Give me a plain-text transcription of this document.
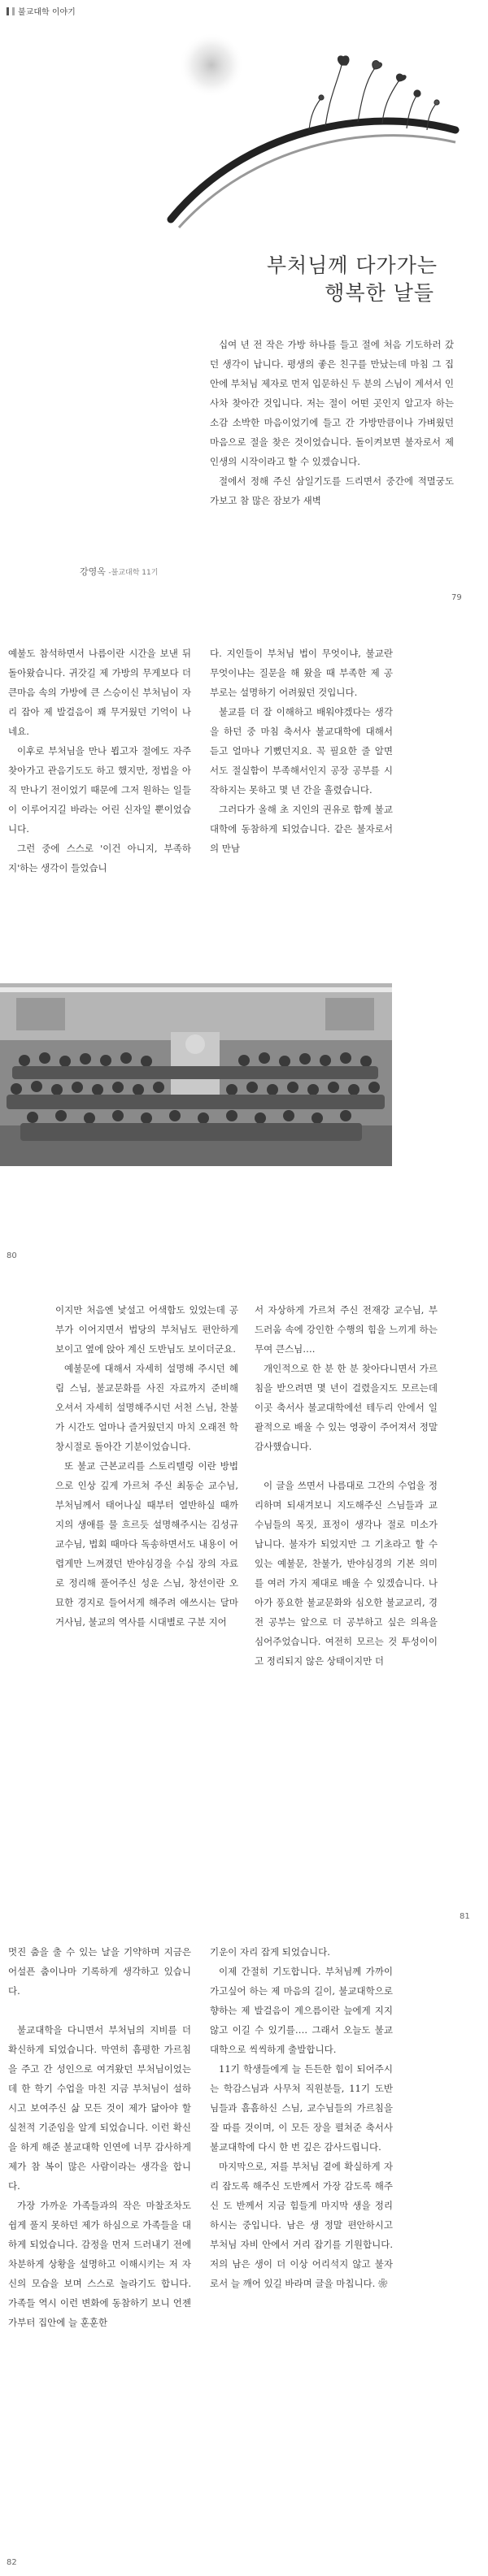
불교대학 이야기
부처님께 다가가는
행복한 날들

십여 년 전 작은 가방 하나를 들고 절에 처음 기도하러 갔던 생각이 납니다. 평생의 좋은 친구를 만났는데 마침 그 집안에 부처님 제자로 먼저 입문하신 두 분의 스님이 계셔서 인사차 찾아간 것입니다. 저는 절이 어떤 곳인지 알고자 하는 소감 소박한 마음이었기에 들고 간 가방만큼이나 가벼웠던 마음으로 절을 찾은 것이었습니다. 돌이켜보면 불자로서 제 인생의 시작이라고 할 수 있겠습니다.

절에서 정해 주신 삼일기도를 드리면서 중간에 적멸궁도 가보고 참 많은 잠보가 새벽

강영옥 -불교대학 11기
79

예불도 참석하면서 나름이란 시간을 보낸 뒤 돌아왔습니다. 귀갓길 제 가방의 무게보다 더 큰마음 속의 가방에 큰 스승이신 부처님이 자리 잡아 제 발걸음이 꽤 무거웠던 기억이 나네요.

이후로 부처님을 만나 뵙고자 절에도 자주 찾아가고 관음기도도 하고 했지만, 정법을 아직 만나기 전이었기 때문에 그저 원하는 일들이 이루어지길 바라는 어린 신자일 뿐이었습니다.

그런 중에 스스로 '이건 아니지, 부족하지'하는 생각이 들었습니

다. 지인들이 부처님 법이 무엇이냐, 불교란 무엇이냐는 질문을 해 왔을 때 부족한 제 공부로는 설명하기 어려웠던 것입니다.

불교를 더 잘 이해하고 배워야겠다는 생각을 하던 중 마침 축서사 불교대학에 대해서 듣고 얼마나 기뻤던지요. 꼭 필요한 줄 알면서도 절실함이 부족해서인지 공장 공부를 시작하지는 못하고 몇 년 간을 흘렸습니다.

그러다가 올해 초 지인의 권유로 함께 불교대학에 동참하게 되었습니다. 같은 불자로서의 만남

80

이지만 처음엔 낯설고 어색함도 있었는데 공부가 이어지면서 법당의 부처님도 편안하게 보이고 옆에 앉아 계신 도반님도 보이더군요.

예불문에 대해서 자세히 설명해 주시던 혜림 스님, 불교문화를 사진 자료까지 준비해 오셔서 자세히 설명해주시던 서천 스님, 찬불가 시간도 얼마나 즐거웠던지 마치 오래전 학창시절로 돌아간 기분이었습니다.

또 불교 근본교리를 스토리텔링 이란 방법으로 인상 깊게 가르쳐 주신 최동순 교수님, 부처님께서 태어나실 때부터 열반하실 때까지의 생애를 물 흐르듯 설명해주시는 김성규 교수님, 법회 때마다 독송하면서도 내용이 어렵게만 느껴졌던 반야심경을 수십 장의 자료로 정리해 풀어주신 성운 스님, 창선이란 오묘한 경지로 들어서게 해주려 애쓰시는 달마거사님, 불교의 역사를 시대별로 구분 지어

서 자상하게 가르쳐 주신 전재강 교수님, 부드러움 속에 강인한 수행의 힘을 느끼게 하는 무여 큰스님….

개인적으로 한 분 한 분 찾아다니면서 가르침을 받으려면 몇 년이 걸렸을지도 모르는데 이곳 축서사 불교대학에선 테두리 안에서 일괄적으로 배울 수 있는 영광이 주어져서 정말 감사했습니다.

이 글을 쓰면서 나름대로 그간의 수업을 정리하며 되새겨보니 지도해주신 스님들과 교수님들의 목짓, 표정이 생각나 절로 미소가 납니다. 불자가 되었지만 그 기초라고 할 수 있는 예불문, 찬불가, 반야심경의 기본 의미를 여러 가지 제대로 배울 수 있겠습니다. 나아가 풍요한 불교문화와 심오한 불교교리, 경전 공부는 앞으로 더 공부하고 싶은 의욕을 심어주었습니다. 여전히 모르는 것 투성이이고 정리되지 않은 상태이지만 더

81

멋진 춤을 출 수 있는 날을 기약하며 지금은 어설픈 춤이나마 기록하게 생각하고 있습니다.

불교대학을 다니면서 부처님의 지비를 더 확신하게 되었습니다. 막연히 흠평한 가르침을 주고 간 성인으로 여겨왔던 부처님이었는데 한 학기 수업을 마친 지금 부처님이 설하시고 보여주신 삶 모든 것이 제가 닮아야 할 실천적 기준임을 알게 되었습니다. 이런 확신을 하게 해준 불교대학 인연에 너무 감사하게 제가 참 복이 많은 사람이라는 생각을 합니다.

가장 가까운 가족들과의 작은 마찰조차도 쉽게 풀지 못하던 제가 하심으로 가족들을 대하게 되었습니다. 감정을 먼저 드러내기 전에 차분하게 상황을 설명하고 이해시키는 저 자신의 모습을 보며 스스로 놀라기도 합니다. 가족들 역시 이런 변화에 동참하기 보니 언젠가부터 집안에 늘 훈훈한

기운이 자리 잡게 되었습니다.

이제 간절히 기도합니다. 부처님께 가까이 가고싶어 하는 제 마음의 길이, 불교대학으로 향하는 제 발걸음이 계으름이란 늪에게 지지 않고 이길 수 있기를…. 그래서 오늘도 불교대학으로 씩씩하게 출발합니다.

11기 학생들에게 늘 든든한 힘이 되어주시는 학감스님과 사무처 직원분들, 11기 도반님들과 흠흠하신 스님, 교수님들의 가르침을 잘 따를 것이며, 이 모든 장을 펼쳐준 축서사 불교대학에 다시 한 번 깊은 감사드립니다.

마지막으로, 저를 부처님 곁에 확실하게 자리 잡도록 해주신 도반께서 가장 감도록 해주신 도 반께서 지금 힘들게 마지막 생을 정리하시는 중입니다. 남은 생 정말 편안하시고 부처님 자비 안에서 거리 잡기를 기원합니다. 저의 남은 생이 더 이상 어리석지 않고 불자로서 늘 깨어 있길 바라며 글을 마칩니다. ❀

82
